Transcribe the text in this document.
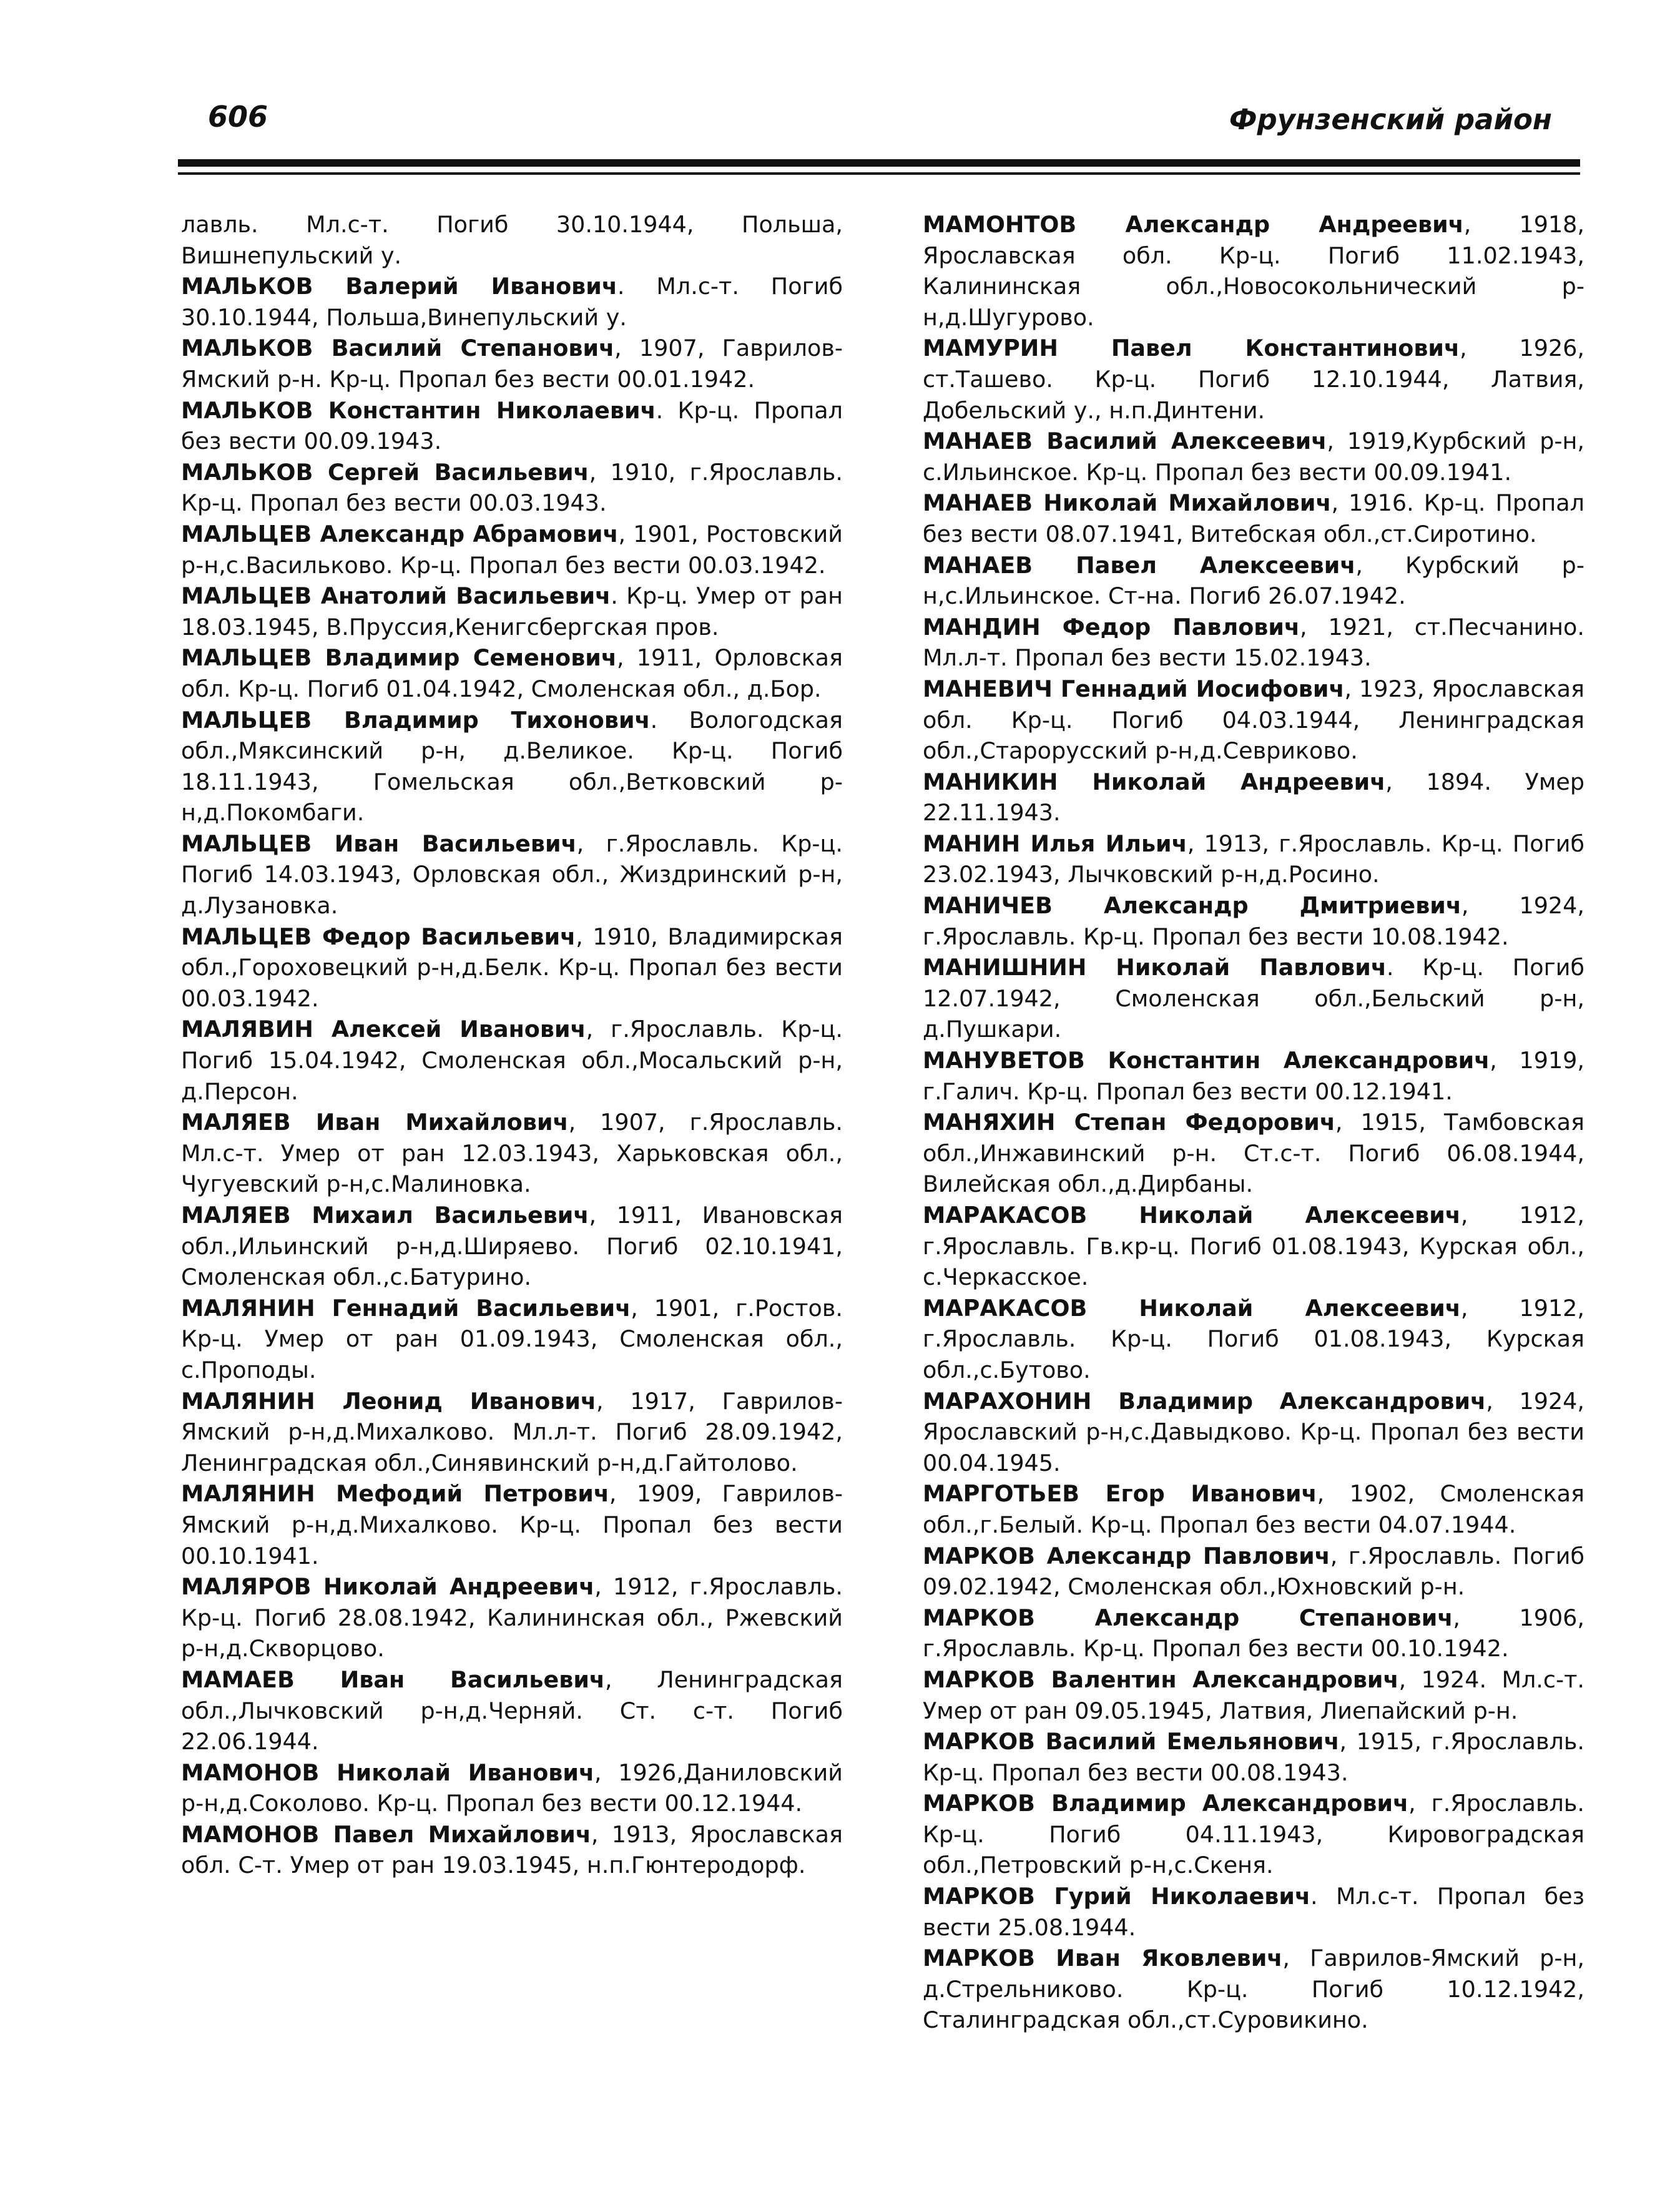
606	Фрунзенский район

лавль. Мл.с-т. Погиб 30.10.1944, Польша, Вишнепульский у.

МАЛЬКОВ Валерий Иванович. Мл.с-т. Погиб 30.10.1944, Польша,Винепульский у.

МАЛЬКОВ Василий Степанович, 1907, Гаврилов-Ямский р-н. Кр-ц. Пропал без вести 00.01.1942.

МАЛЬКОВ Константин Николаевич. Кр-ц. Пропал без вести 00.09.1943.

МАЛЬКОВ Сергей Васильевич, 1910, г.Ярославль. Кр-ц. Пропал без вести 00.03.1943.

МАЛЬЦЕВ Александр Абрамович, 1901, Ростовский р-н,с.Васильково. Кр-ц. Пропал без вести 00.03.1942.

МАЛЬЦЕВ Анатолий Васильевич. Кр-ц. Умер от ран 18.03.1945, В.Пруссия,Кенигсбергская пров.

МАЛЬЦЕВ Владимир Семенович, 1911, Орловская обл. Кр-ц. Погиб 01.04.1942, Смоленская обл., д.Бор.

МАЛЬЦЕВ Владимир Тихонович. Вологодская обл.,Мяксинский р-н, д.Великое. Кр-ц. Погиб 18.11.1943, Гомельская обл.,Ветковский р-н,д.Покомбаги.

МАЛЬЦЕВ Иван Васильевич, г.Ярославль. Кр-ц. Погиб 14.03.1943, Орловская обл., Жиздринский р-н, д.Лузановка.

МАЛЬЦЕВ Федор Васильевич, 1910, Владимирская обл.,Гороховецкий р-н,д.Белк. Кр-ц. Пропал без вести 00.03.1942.

МАЛЯВИН Алексей Иванович, г.Ярославль. Кр-ц. Погиб 15.04.1942, Смоленская обл.,Мосальский р-н, д.Персон.

МАЛЯЕВ Иван Михайлович, 1907, г.Ярославль. Мл.с-т. Умер от ран 12.03.1943, Харьковская обл., Чугуевский р-н,с.Малиновка.

МАЛЯЕВ Михаил Васильевич, 1911, Ивановская обл.,Ильинский р-н,д.Ширяево. Погиб 02.10.1941, Смоленская обл.,с.Батурино.

МАЛЯНИН Геннадий Васильевич, 1901, г.Ростов. Кр-ц. Умер от ран 01.09.1943, Смоленская обл., с.Проподы.

МАЛЯНИН Леонид Иванович, 1917, Гаврилов-Ямский р-н,д.Михалково. Мл.л-т. Погиб 28.09.1942, Ленинградская обл.,Синявинский р-н,д.Гайтолово.

МАЛЯНИН Мефодий Петрович, 1909, Гаврилов-Ямский р-н,д.Михалково. Кр-ц. Пропал без вести 00.10.1941.

МАЛЯРОВ Николай Андреевич, 1912, г.Ярославль. Кр-ц. Погиб 28.08.1942, Калининская обл., Ржевский р-н,д.Скворцово.

МАМАЕВ Иван Васильевич, Ленинградская обл.,Лычковский р-н,д.Черняй. Ст. с-т. Погиб 22.06.1944.

МАМОНОВ Николай Иванович, 1926,Даниловский р-н,д.Соколово. Кр-ц. Пропал без вести 00.12.1944.

МАМОНОВ Павел Михайлович, 1913, Ярославская обл. С-т. Умер от ран 19.03.1945, н.п.Гюнтеродорф.

МАМОНТОВ Александр Андреевич, 1918, Ярославская обл. Кр-ц. Погиб 11.02.1943, Калининская обл.,Новосокольнический р-н,д.Шугурово.

МАМУРИН Павел Константинович, 1926, ст.Ташево. Кр-ц. Погиб 12.10.1944, Латвия, Добельский у., н.п.Динтени.

МАНАЕВ Василий Алексеевич, 1919,Курбский р-н, с.Ильинское. Кр-ц. Пропал без вести 00.09.1941.

МАНАЕВ Николай Михайлович, 1916. Кр-ц. Пропал без вести 08.07.1941, Витебская обл.,ст.Сиротино.

МАНАЕВ Павел Алексеевич, Курбский р-н,с.Ильинское. Ст-на. Погиб 26.07.1942.

МАНДИН Федор Павлович, 1921, ст.Песчанино. Мл.л-т. Пропал без вести 15.02.1943.

МАНЕВИЧ Геннадий Иосифович, 1923, Ярославская обл. Кр-ц. Погиб 04.03.1944, Ленинградская обл.,Старорусский р-н,д.Севриково.

МАНИКИН Николай Андреевич, 1894. Умер 22.11.1943.

МАНИН Илья Ильич, 1913, г.Ярославль. Кр-ц. Погиб 23.02.1943, Лычковский р-н,д.Росино.

МАНИЧЕВ Александр Дмитриевич, 1924, г.Ярославль. Кр-ц. Пропал без вести 10.08.1942.

МАНИШНИН Николай Павлович. Кр-ц. Погиб 12.07.1942, Смоленская обл.,Бельский р-н, д.Пушкари.

МАНУВЕТОВ Константин Александрович, 1919, г.Галич. Кр-ц. Пропал без вести 00.12.1941.

МАНЯХИН Степан Федорович, 1915, Тамбовская обл.,Инжавинский р-н. Ст.с-т. Погиб 06.08.1944, Вилейская обл.,д.Дирбаны.

МАРАКАСОВ Николай Алексеевич, 1912, г.Ярославль. Гв.кр-ц. Погиб 01.08.1943, Курская обл., с.Черкасское.

МАРАКАСОВ Николай Алексеевич, 1912, г.Ярославль. Кр-ц. Погиб 01.08.1943, Курская обл.,с.Бутово.

МАРАХОНИН Владимир Александрович, 1924, Ярославский р-н,с.Давыдково. Кр-ц. Пропал без вести 00.04.1945.

МАРГОТЬЕВ Егор Иванович, 1902, Смоленская обл.,г.Белый. Кр-ц. Пропал без вести 04.07.1944.

МАРКОВ Александр Павлович, г.Ярославль. Погиб 09.02.1942, Смоленская обл.,Юхновский р-н.

МАРКОВ Александр Степанович, 1906, г.Ярославль. Кр-ц. Пропал без вести 00.10.1942.

МАРКОВ Валентин Александрович, 1924. Мл.с-т. Умер от ран 09.05.1945, Латвия, Лиепайский р-н.

МАРКОВ Василий Емельянович, 1915, г.Ярославль. Кр-ц. Пропал без вести 00.08.1943.

МАРКОВ Владимир Александрович, г.Ярославль. Кр-ц. Погиб 04.11.1943, Кировоградская обл.,Петровский р-н,с.Скеня.

МАРКОВ Гурий Николаевич. Мл.с-т. Пропал без вести 25.08.1944.

МАРКОВ Иван Яковлевич, Гаврилов-Ямский р-н, д.Стрельниково. Кр-ц. Погиб 10.12.1942, Сталинградская обл.,ст.Суровикино.
